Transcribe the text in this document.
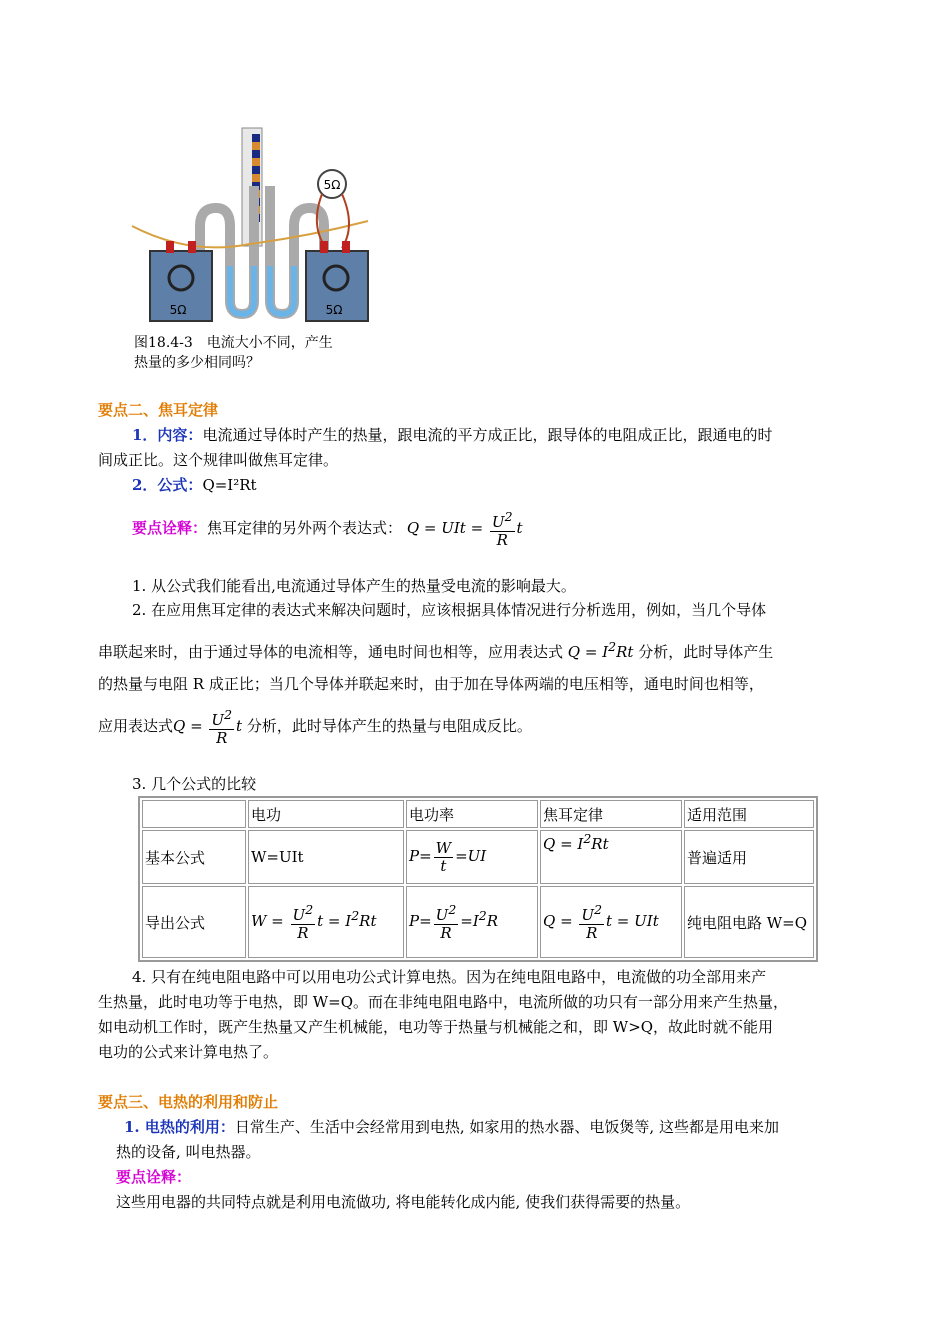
5Ω
5Ω	5Ω
图18.4-3　电流大小不同，产生
热量的多少相同吗？
要点二、焦耳定律
1．内容：电流通过导体时产生的热量，跟电流的平方成正比，跟导体的电阻成正比，跟通电的时
间成正比。这个规律叫做焦耳定律。
2．公式：Q=I²Rt
要点诠释：焦耳定律的另外两个表达式： Q = UIt = $\frac{U^2}{R}$ t
1. 从公式我们能看出,电流通过导体产生的热量受电流的影响最大。
2. 在应用焦耳定律的表达式来解决问题时，应该根据具体情况进行分析选用，例如，当几个导体
串联起来时，由于通过导体的电流相等，通电时间也相等，应用表达式 $Q = I^2Rt$ 分析，此时导体产生
的热量与电阻 R 成正比；当几个导体并联起来时，由于加在导体两端的电压相等，通电时间也相等，
应用表达式$Q = \frac{U^2}{R}$ t 分析，此时导体产生的热量与电阻成反比。
3. 几个公式的比较
	电功	电功率	焦耳定律	适用范围
基本公式	W=UIt	$P= \frac{W}{t} =UI$	$Q = I^2Rt$	普遍适用
导出公式	$W = \frac{U^2}{R}$ $t = I^2Rt$	$P= \frac{U^2}{R} =I^2R$	$Q = \frac{U^2}{R}$ t = UIt	纯电阻电路 W=Q
4. 只有在纯电阻电路中可以用电功公式计算电热。因为在纯电阻电路中，电流做的功全部用来产
生热量，此时电功等于电热，即 W=Q。而在非纯电阻电路中，电流所做的功只有一部分用来产生热量，
如电动机工作时，既产生热量又产生机械能，电功等于热量与机械能之和，即 W>Q，故此时就不能用
电功的公式来计算电热了。
要点三、电热的利用和防止
1. 电热的利用：日常生产、生活中会经常用到电热, 如家用的热水器、电饭煲等, 这些都是用电来加
热的设备, 叫电热器。
要点诠释：
这些用电器的共同特点就是利用电流做功, 将电能转化成内能, 使我们获得需要的热量。
